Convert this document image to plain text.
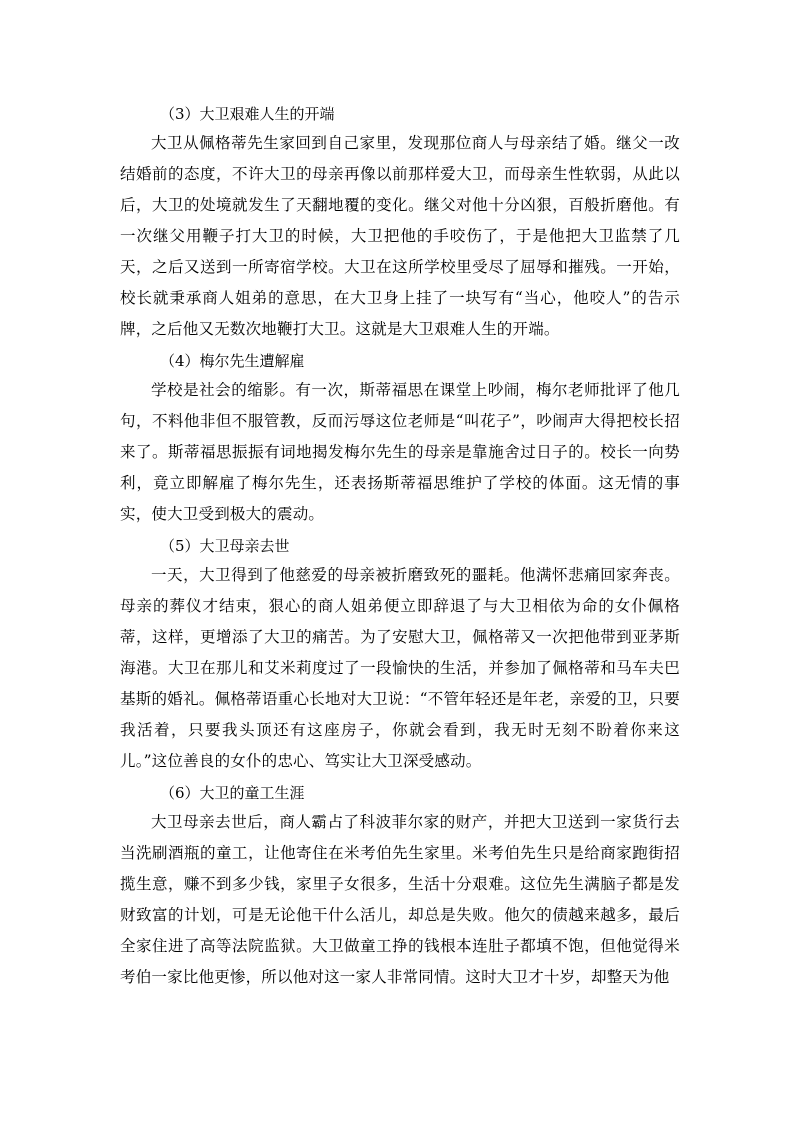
（3）大卫艰难人生的开端
大卫从佩格蒂先生家回到自己家里，发现那位商人与母亲结了婚。继父一改结婚前的态度，不许大卫的母亲再像以前那样爱大卫，而母亲生性软弱，从此以后，大卫的处境就发生了天翻地覆的变化。继父对他十分凶狠，百般折磨他。有一次继父用鞭子打大卫的时候，大卫把他的手咬伤了，于是他把大卫监禁了几天，之后又送到一所寄宿学校。大卫在这所学校里受尽了屈辱和摧残。一开始，校长就秉承商人姐弟的意思，在大卫身上挂了一块写有“当心，他咬人”的告示牌，之后他又无数次地鞭打大卫。这就是大卫艰难人生的开端。
（4）梅尔先生遭解雇
学校是社会的缩影。有一次，斯蒂福思在课堂上吵闹，梅尔老师批评了他几句，不料他非但不服管教，反而污辱这位老师是“叫花子”，吵闹声大得把校长招来了。斯蒂福思振振有词地揭发梅尔先生的母亲是靠施舍过日子的。校长一向势利，竟立即解雇了梅尔先生，还表扬斯蒂福思维护了学校的体面。这无情的事实，使大卫受到极大的震动。
（5）大卫母亲去世
一天，大卫得到了他慈爱的母亲被折磨致死的噩耗。他满怀悲痛回家奔丧。母亲的葬仪才结束，狠心的商人姐弟便立即辞退了与大卫相依为命的女仆佩格蒂，这样，更增添了大卫的痛苦。为了安慰大卫，佩格蒂又一次把他带到亚茅斯海港。大卫在那儿和艾米莉度过了一段愉快的生活，并参加了佩格蒂和马车夫巴基斯的婚礼。佩格蒂语重心长地对大卫说：“不管年轻还是年老，亲爱的卫，只要我活着，只要我头顶还有这座房子，你就会看到，我无时无刻不盼着你来这儿。”这位善良的女仆的忠心、笃实让大卫深受感动。
（6）大卫的童工生涯
大卫母亲去世后，商人霸占了科波菲尔家的财产，并把大卫送到一家货行去当洗刷酒瓶的童工，让他寄住在米考伯先生家里。米考伯先生只是给商家跑街招揽生意，赚不到多少钱，家里子女很多，生活十分艰难。这位先生满脑子都是发财致富的计划，可是无论他干什么活儿，却总是失败。他欠的债越来越多，最后全家住进了高等法院监狱。大卫做童工挣的钱根本连肚子都填不饱，但他觉得米考伯一家比他更惨，所以他对这一家人非常同情。这时大卫才十岁，却整天为他
